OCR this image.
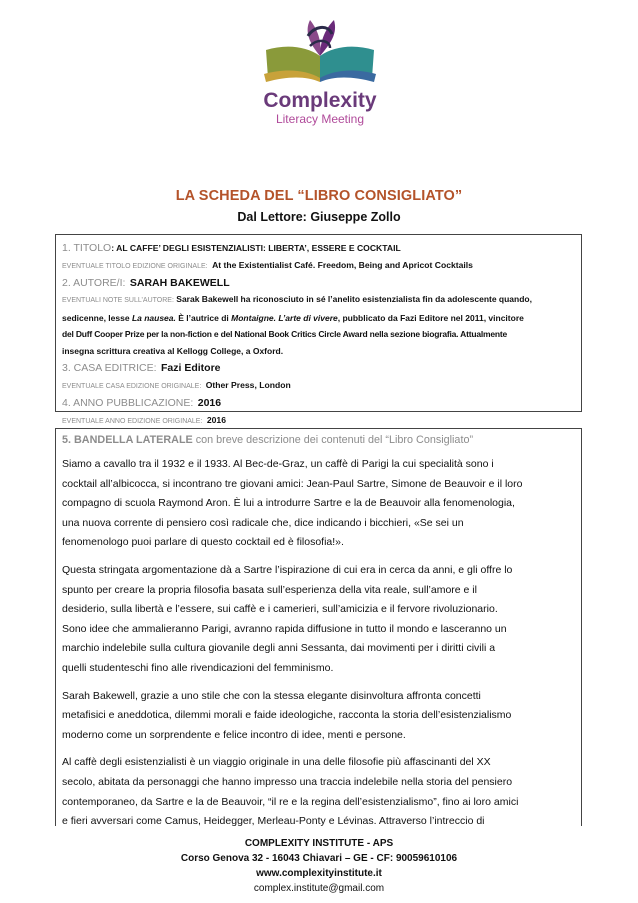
Complexity
Literacy Meeting
LA SCHEDA DEL “LIBRO CONSIGLIATO”
Dal Lettore: Giuseppe Zollo
1. TITOLO: AL CAFFE’ DEGLI ESISTENZIALISTI: LIBERTA’, ESSERE E COCKTAIL
EVENTUALE TITOLO EDIZIONE ORIGINALE: At the Existentialist Café. Freedom, Being and Apricot Cocktails
2. AUTORE/I: SARAH BAKEWELL
EVENTUALI NOTE SULL’AUTORE: Sarak Bakewell ha riconosciuto in sé l’anelito esistenzialista fin da adolescente quando,
sedicenne, lesse La nausea. È l’autrice di Montaigne. L’arte di vivere, pubblicato da Fazi Editore nel 2011, vincitore
del Duff Cooper Prize per la non-fiction e del National Book Critics Circle Award nella sezione biografia. Attualmente
insegna scrittura creativa al Kellogg College, a Oxford.
3. CASA EDITRICE: Fazi Editore
EVENTUALE CASA EDIZIONE ORIGINALE: Other Press, London
4. ANNO PUBBLICAZIONE: 2016
EVENTUALE ANNO EDIZIONE ORIGINALE: 2016
5. BANDELLA LATERALE con breve descrizione dei contenuti del “Libro Consigliato”
Siamo a cavallo tra il 1932 e il 1933. Al Bec-de-Graz, un caffè di Parigi la cui specialità sono i
cocktail all’albicocca, si incontrano tre giovani amici: Jean-Paul Sartre, Simone de Beauvoir e il loro
compagno di scuola Raymond Aron. È lui a introdurre Sartre e la de Beauvoir alla fenomenologia,
una nuova corrente di pensiero così radicale che, dice indicando i bicchieri, «Se sei un
fenomenologo puoi parlare di questo cocktail ed è filosofia!».
Questa stringata argomentazione dà a Sartre l’ispirazione di cui era in cerca da anni, e gli offre lo
spunto per creare la propria filosofia basata sull’esperienza della vita reale, sull’amore e il
desiderio, sulla libertà e l’essere, sui caffè e i camerieri, sull’amicizia e il fervore rivoluzionario.
Sono idee che ammalieranno Parigi, avranno rapida diffusione in tutto il mondo e lasceranno un
marchio indelebile sulla cultura giovanile degli anni Sessanta, dai movimenti per i diritti civili a
quelli studenteschi fino alle rivendicazioni del femminismo.
Sarah Bakewell, grazie a uno stile che con la stessa elegante disinvoltura affronta concetti
metafisici e aneddotica, dilemmi morali e faide ideologiche, racconta la storia dell’esistenzialismo
moderno come un sorprendente e felice incontro di idee, menti e persone.
Al caffè degli esistenzialisti è un viaggio originale in una delle filosofie più affascinanti del XX
secolo, abitata da personaggi che hanno impresso una traccia indelebile nella storia del pensiero
contemporaneo, da Sartre e la de Beauvoir, “il re e la regina dell’esistenzialismo”, fino ai loro amici
e fieri avversari come Camus, Heidegger, Merleau-Ponty e Lévinas. Attraverso l’intreccio di
COMPLEXITY INSTITUTE - APS
Corso Genova 32 - 16043 Chiavari – GE - CF: 90059610106
www.complexityinstitute.it
complex.institute@gmail.com
